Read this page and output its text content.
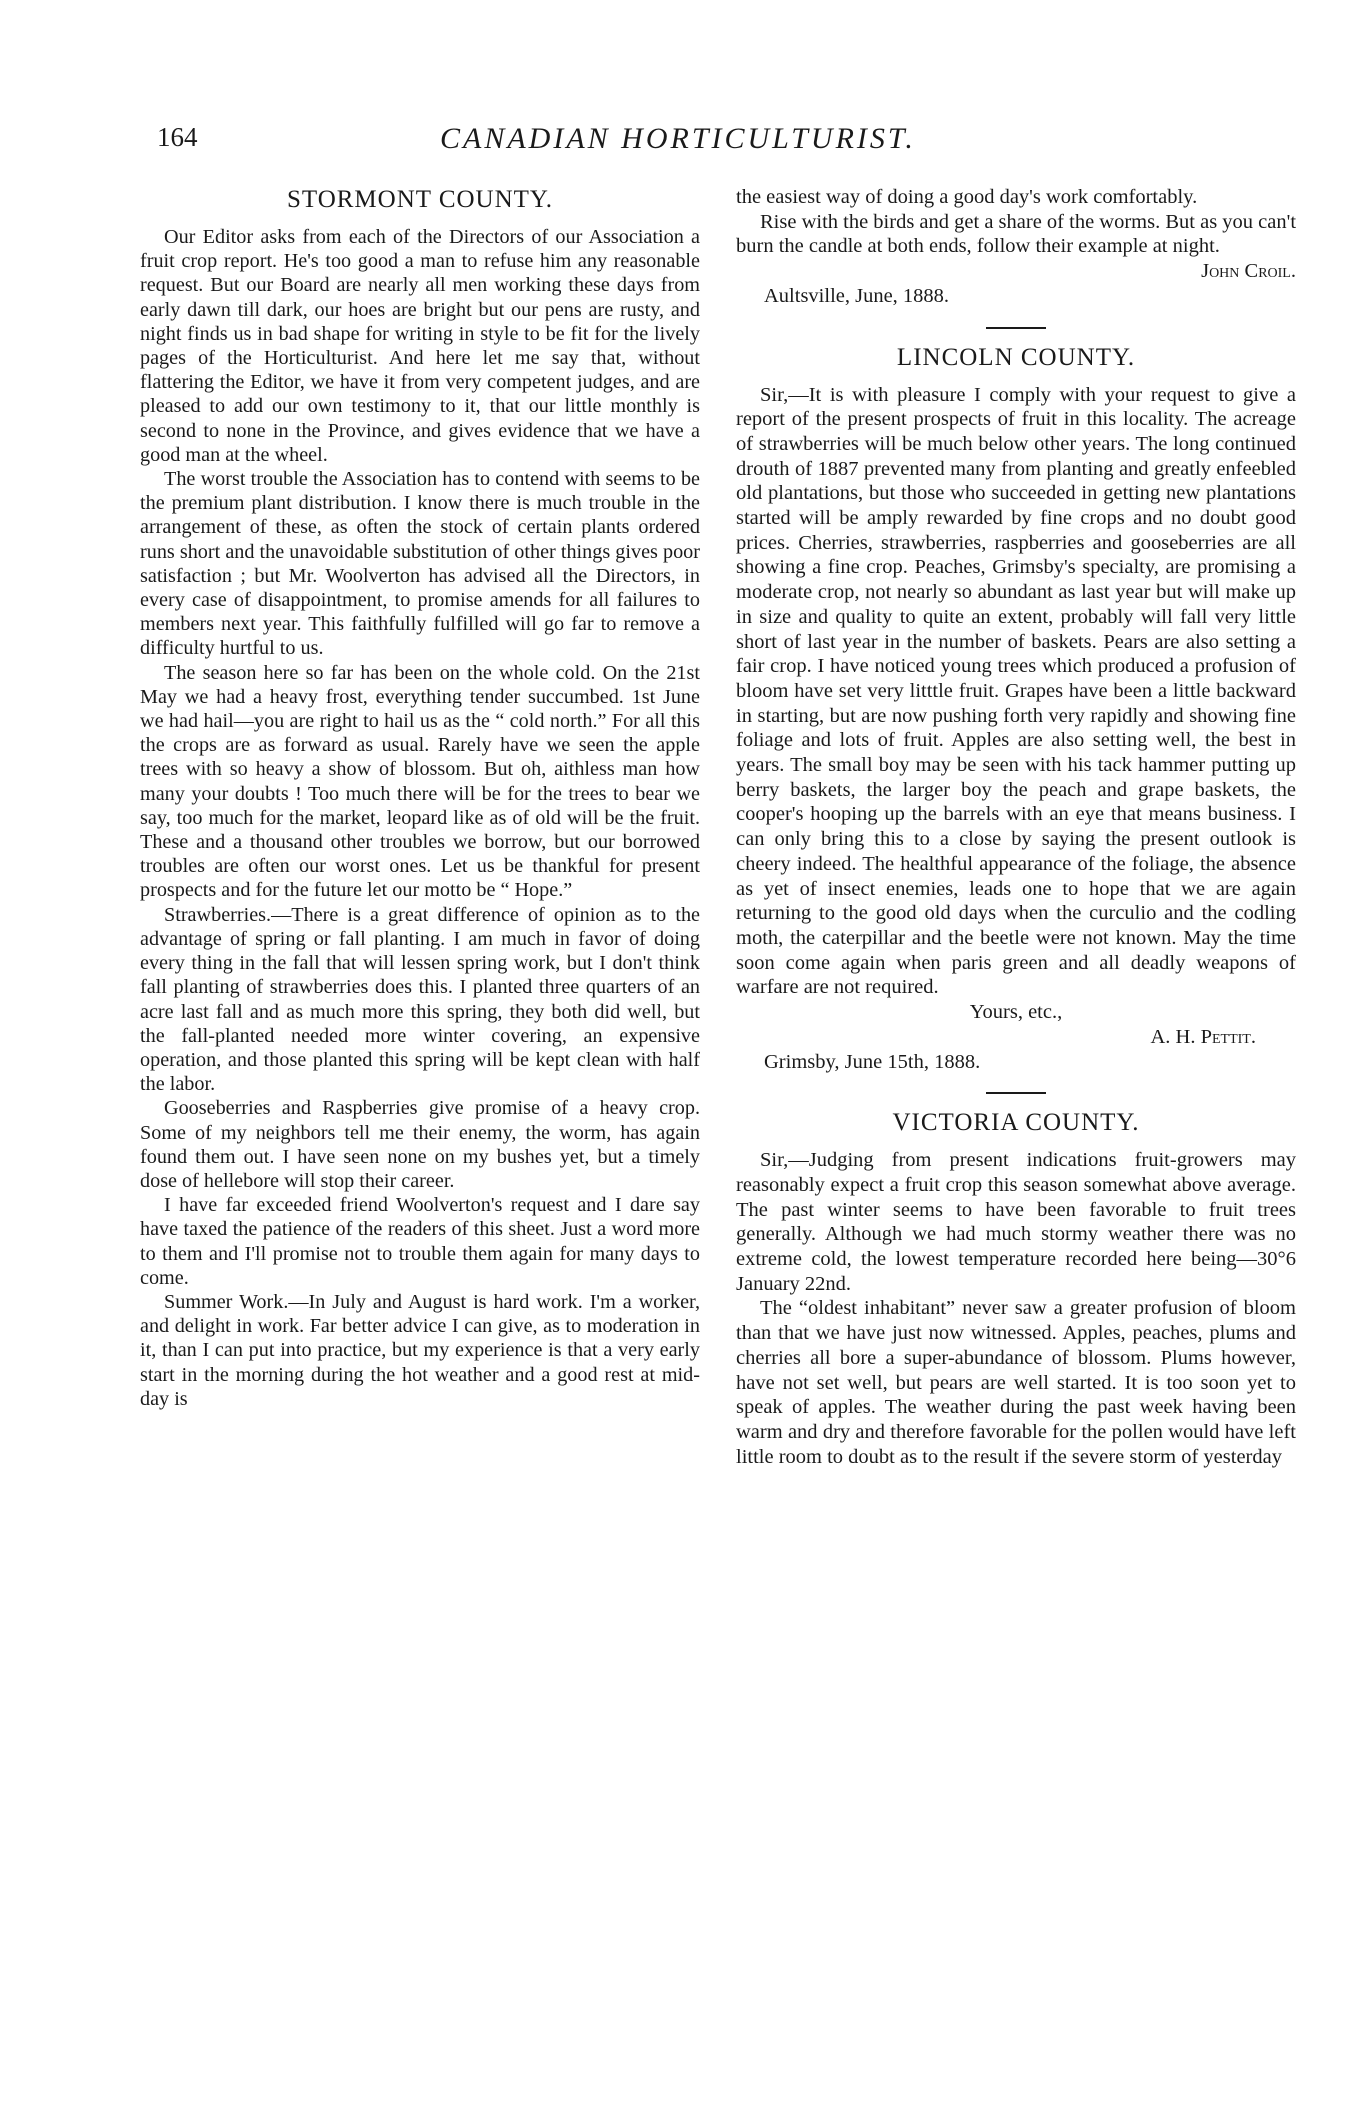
164	CANADIAN HORTICULTURIST.
STORMONT COUNTY.

Our Editor asks from each of the Directors of our Association a fruit crop report. He's too good a man to refuse him any reasonable request. But our Board are nearly all men working these days from early dawn till dark, our hoes are bright but our pens are rusty, and night finds us in bad shape for writing in style to be fit for the lively pages of the Horticulturist. And here let me say that, without flattering the Editor, we have it from very competent judges, and are pleased to add our own testimony to it, that our little monthly is second to none in the Province, and gives evidence that we have a good man at the wheel.

The worst trouble the Association has to contend with seems to be the premium plant distribution. I know there is much trouble in the arrangement of these, as often the stock of certain plants ordered runs short and the unavoidable substitution of other things gives poor satisfaction ; but Mr. Woolverton has advised all the Directors, in every case of disappointment, to promise amends for all failures to members next year. This faithfully fulfilled will go far to remove a difficulty hurtful to us.

The season here so far has been on the whole cold. On the 21st May we had a heavy frost, everything tender succumbed. 1st June we had hail—you are right to hail us as the “ cold north.” For all this the crops are as forward as usual. Rarely have we seen the apple trees with so heavy a show of blossom. But oh, aithless man how many your doubts ! Too much there will be for the trees to bear we say, too much for the market, leopard like as of old will be the fruit. These and a thousand other troubles we borrow, but our borrowed troubles are often our worst ones. Let us be thankful for present prospects and for the future let our motto be “ Hope.”

Strawberries.—There is a great difference of opinion as to the advantage of spring or fall planting. I am much in favor of doing every thing in the fall that will lessen spring work, but I don't think fall planting of strawberries does this. I planted three quarters of an acre last fall and as much more this spring, they both did well, but the fall-planted needed more winter covering, an expensive operation, and those planted this spring will be kept clean with half the labor.

Gooseberries and Raspberries give promise of a heavy crop. Some of my neighbors tell me their enemy, the worm, has again found them out. I have seen none on my bushes yet, but a timely dose of hellebore will stop their career.

I have far exceeded friend Woolverton's request and I dare say have taxed the patience of the readers of this sheet. Just a word more to them and I'll promise not to trouble them again for many days to come.

Summer Work.—In July and August is hard work. I'm a worker, and delight in work. Far better advice I can give, as to moderation in it, than I can put into practice, but my experience is that a very early start in the morning during the hot weather and a good rest at mid-day is

the easiest way of doing a good day's work comfortably.

Rise with the birds and get a share of the worms. But as you can't burn the candle at both ends, follow their example at night.

John Croil.

Aultsville, June, 1888.

LINCOLN COUNTY.

Sir,—It is with pleasure I comply with your request to give a report of the present prospects of fruit in this locality. The acreage of strawberries will be much below other years. The long continued drouth of 1887 prevented many from planting and greatly enfeebled old plantations, but those who succeeded in getting new plantations started will be amply rewarded by fine crops and no doubt good prices. Cherries, strawberries, raspberries and gooseberries are all showing a fine crop. Peaches, Grimsby's specialty, are promising a moderate crop, not nearly so abundant as last year but will make up in size and quality to quite an extent, probably will fall very little short of last year in the number of baskets. Pears are also setting a fair crop. I have noticed young trees which produced a profusion of bloom have set very litttle fruit. Grapes have been a little backward in starting, but are now pushing forth very rapidly and showing fine foliage and lots of fruit. Apples are also setting well, the best in years. The small boy may be seen with his tack hammer putting up berry baskets, the larger boy the peach and grape baskets, the cooper's hooping up the barrels with an eye that means business. I can only bring this to a close by saying the present outlook is cheery indeed. The healthful appearance of the foliage, the absence as yet of insect enemies, leads one to hope that we are again returning to the good old days when the curculio and the codling moth, the caterpillar and the beetle were not known. May the time soon come again when paris green and all deadly weapons of warfare are not required.

Yours, etc.,

A. H. Pettit.

Grimsby, June 15th, 1888.

VICTORIA COUNTY.

Sir,—Judging from present indications fruit-growers may reasonably expect a fruit crop this season somewhat above average. The past winter seems to have been favorable to fruit trees generally. Although we had much stormy weather there was no extreme cold, the lowest temperature recorded here being—30°6 January 22nd.

The “oldest inhabitant” never saw a greater profusion of bloom than that we have just now witnessed. Apples, peaches, plums and cherries all bore a super-abundance of blossom. Plums however, have not set well, but pears are well started. It is too soon yet to speak of apples. The weather during the past week having been warm and dry and therefore favorable for the pollen would have left little room to doubt as to the result if the severe storm of yesterday
